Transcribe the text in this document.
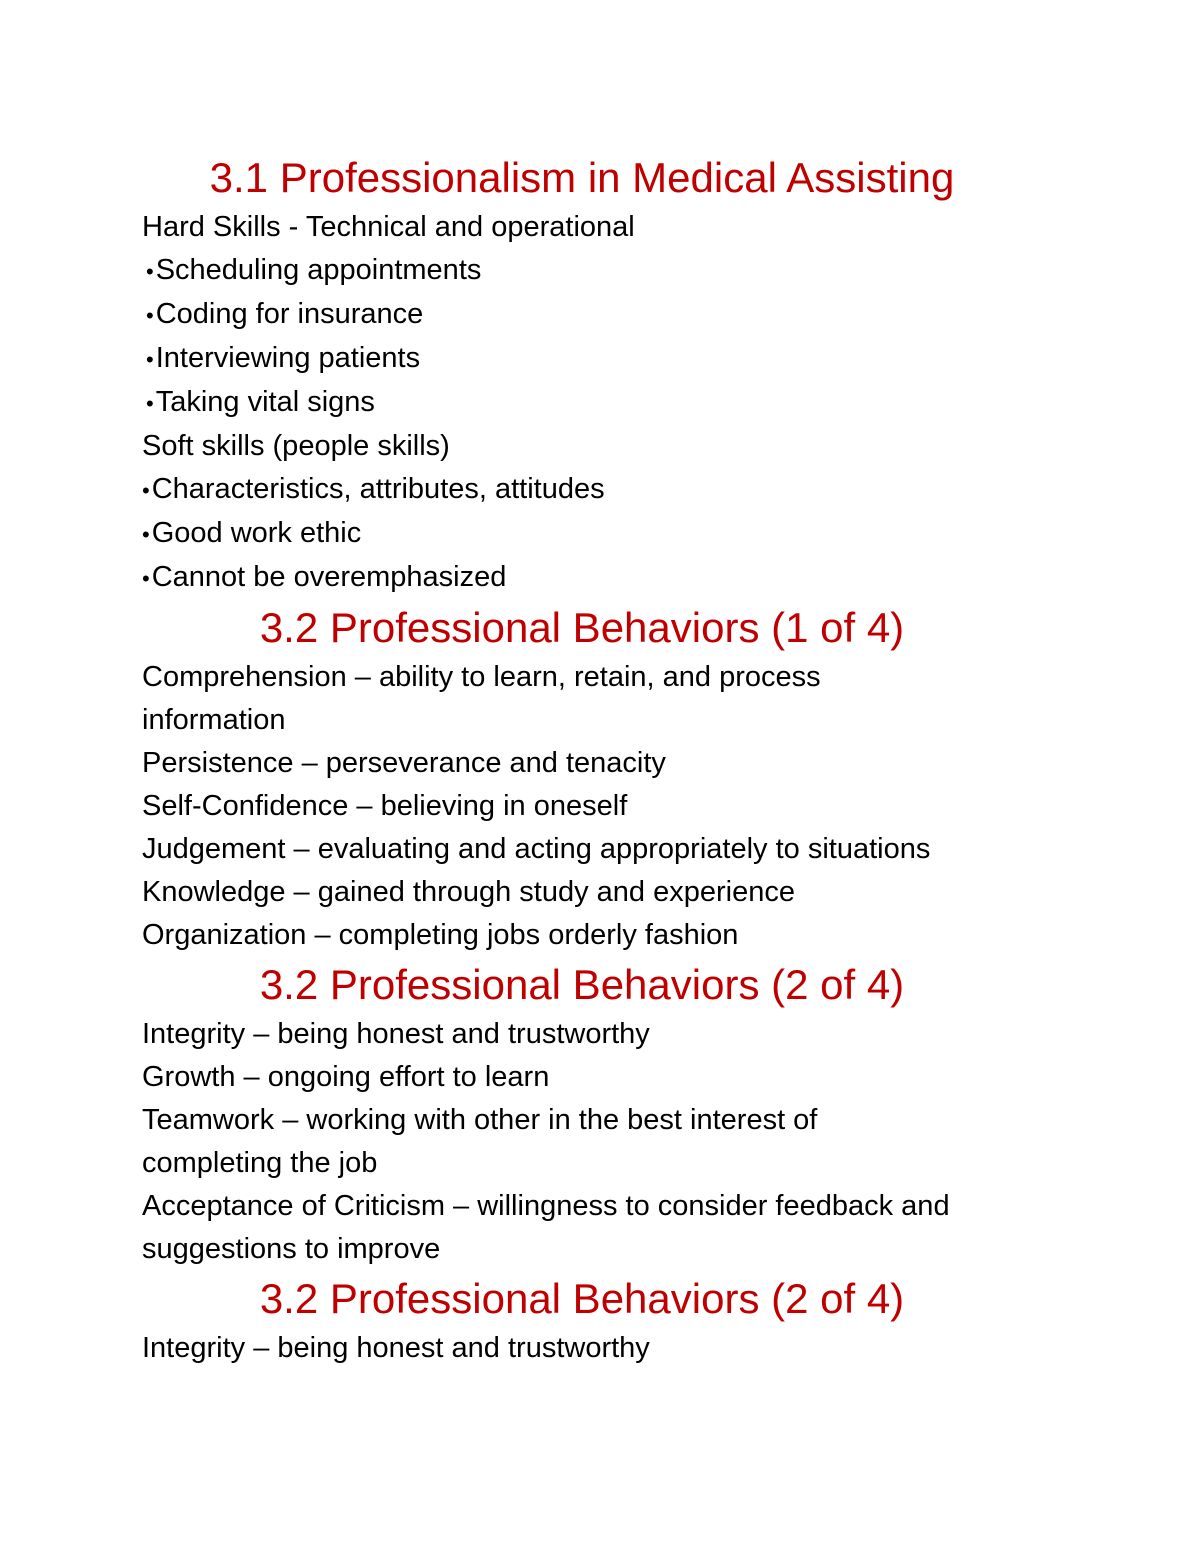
3.1 Professionalism in Medical Assisting

Hard Skills - Technical and operational

• Scheduling appointments

• Coding for insurance

• Interviewing patients

• Taking vital signs

Soft skills (people skills)

• Characteristics, attributes, attitudes

• Good work ethic

• Cannot be overemphasized

3.2 Professional Behaviors (1 of 4)

Comprehension – ability to learn, retain, and process

information

Persistence – perseverance and tenacity

Self-Confidence – believing in oneself

Judgement – evaluating and acting appropriately to situations

Knowledge – gained through study and experience

Organization – completing jobs orderly fashion

3.2 Professional Behaviors (2 of 4)

Integrity – being honest and trustworthy

Growth – ongoing effort to learn

Teamwork – working with other in the best interest of

completing the job

Acceptance of Criticism – willingness to consider feedback and

suggestions to improve

3.2 Professional Behaviors (2 of 4)

Integrity – being honest and trustworthy
